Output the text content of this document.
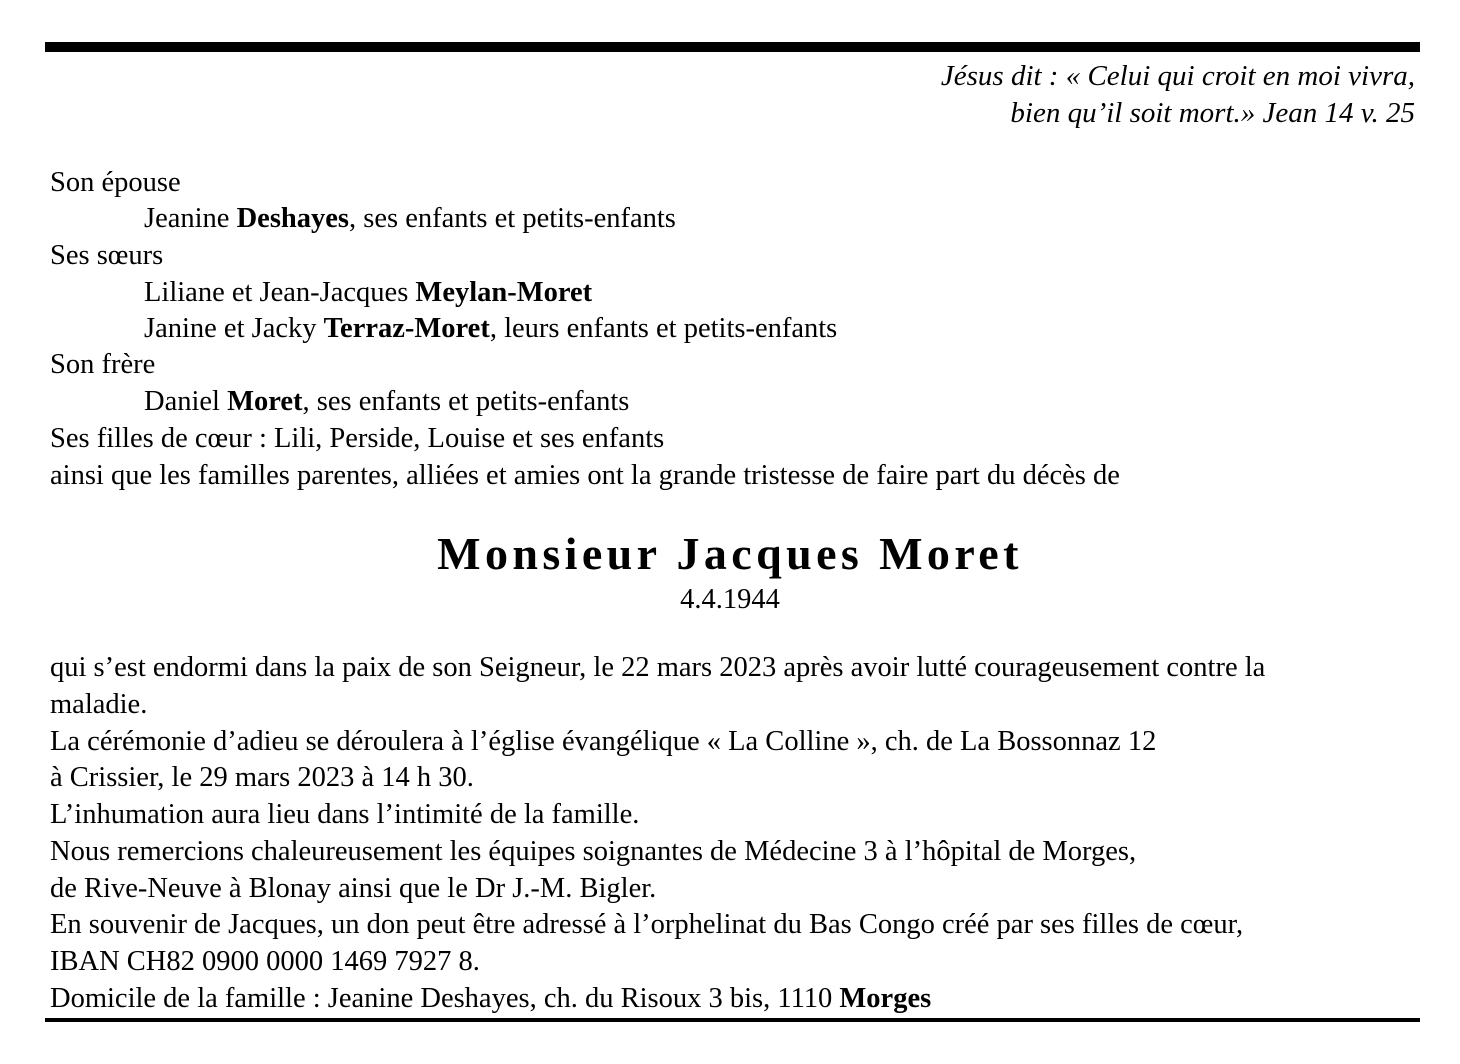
Jésus dit : « Celui qui croit en moi vivra,
bien qu’il soit mort.» Jean 14 v. 25
Son épouse
Jeanine Deshayes, ses enfants et petits-enfants
Ses sœurs
Liliane et Jean-Jacques Meylan-Moret
Janine et Jacky Terraz-Moret, leurs enfants et petits-enfants
Son frère
Daniel Moret, ses enfants et petits-enfants
Ses filles de cœur : Lili, Perside, Louise et ses enfants
ainsi que les familles parentes, alliées et amies ont la grande tristesse de faire part du décès de
Monsieur Jacques Moret
4.4.1944
qui s’est endormi dans la paix de son Seigneur, le 22 mars 2023 après avoir lutté courageusement contre la
maladie.
La cérémonie d’adieu se déroulera à l’église évangélique « La Colline », ch. de La Bossonnaz 12
à Crissier, le 29 mars 2023 à 14 h 30.
L’inhumation aura lieu dans l’intimité de la famille.
Nous remercions chaleureusement les équipes soignantes de Médecine 3 à l’hôpital de Morges,
de Rive-Neuve à Blonay ainsi que le Dr J.-M. Bigler.
En souvenir de Jacques, un don peut être adressé à l’orphelinat du Bas Congo créé par ses filles de cœur,
IBAN CH82 0900 0000 1469 7927 8.
Domicile de la famille : Jeanine Deshayes, ch. du Risoux 3 bis, 1110 Morges
